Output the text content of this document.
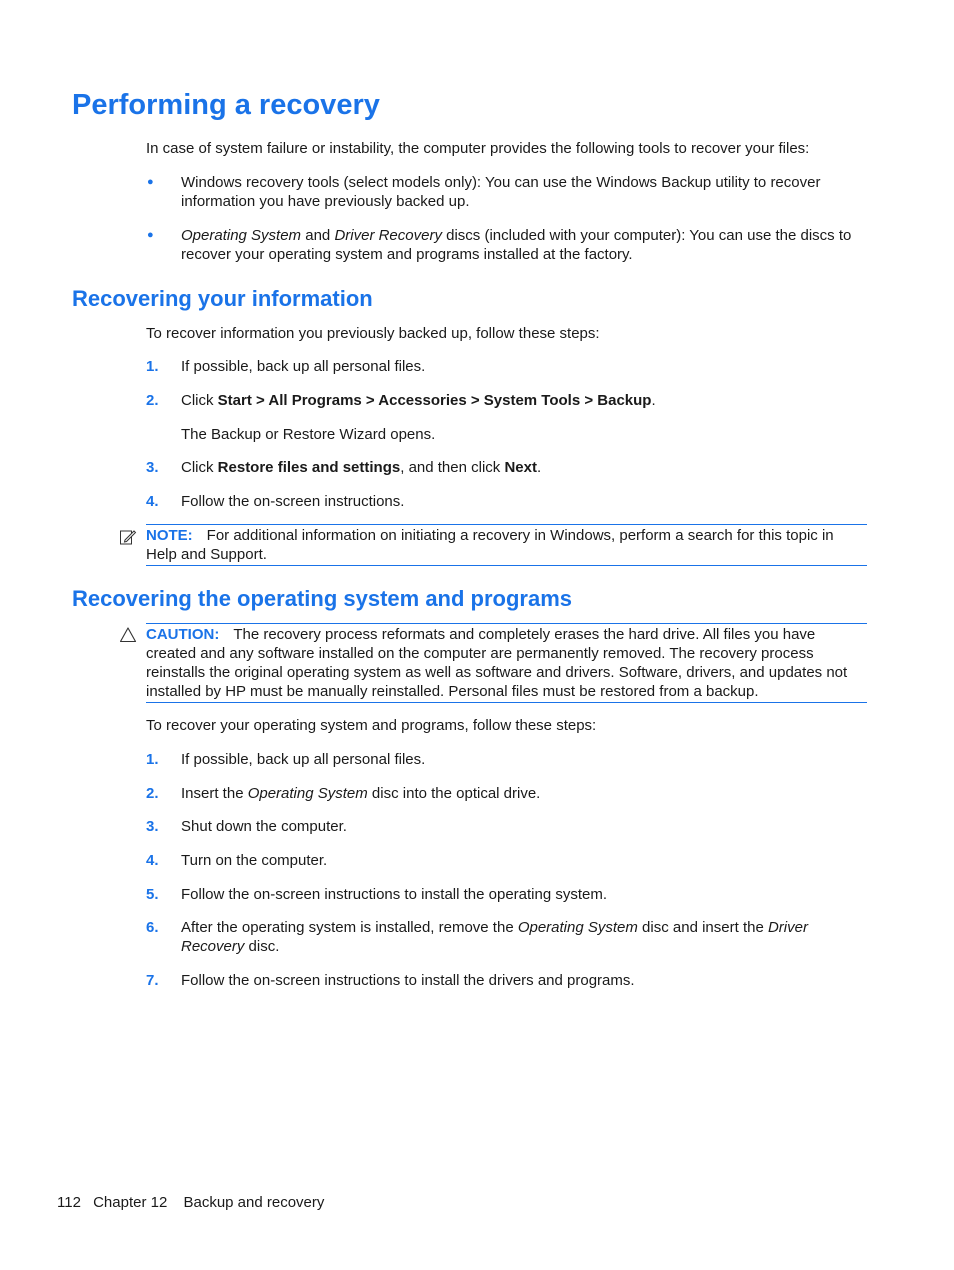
Performing a recovery
In case of system failure or instability, the computer provides the following tools to recover your files:
● Windows recovery tools (select models only): You can use the Windows Backup utility to recover information you have previously backed up.
● Operating System and Driver Recovery discs (included with your computer): You can use the discs to recover your operating system and programs installed at the factory.
Recovering your information
To recover information you previously backed up, follow these steps:
1. If possible, back up all personal files.
2. Click Start > All Programs > Accessories > System Tools > Backup.
The Backup or Restore Wizard opens.
3. Click Restore files and settings, and then click Next.
4. Follow the on-screen instructions.
NOTE: For additional information on initiating a recovery in Windows, perform a search for this topic in Help and Support.
Recovering the operating system and programs
CAUTION: The recovery process reformats and completely erases the hard drive. All files you have created and any software installed on the computer are permanently removed. The recovery process reinstalls the original operating system as well as software and drivers. Software, drivers, and updates not installed by HP must be manually reinstalled. Personal files must be restored from a backup.
To recover your operating system and programs, follow these steps:
1. If possible, back up all personal files.
2. Insert the Operating System disc into the optical drive.
3. Shut down the computer.
4. Turn on the computer.
5. Follow the on-screen instructions to install the operating system.
6. After the operating system is installed, remove the Operating System disc and insert the Driver Recovery disc.
7. Follow the on-screen instructions to install the drivers and programs.
112 Chapter 12 Backup and recovery
